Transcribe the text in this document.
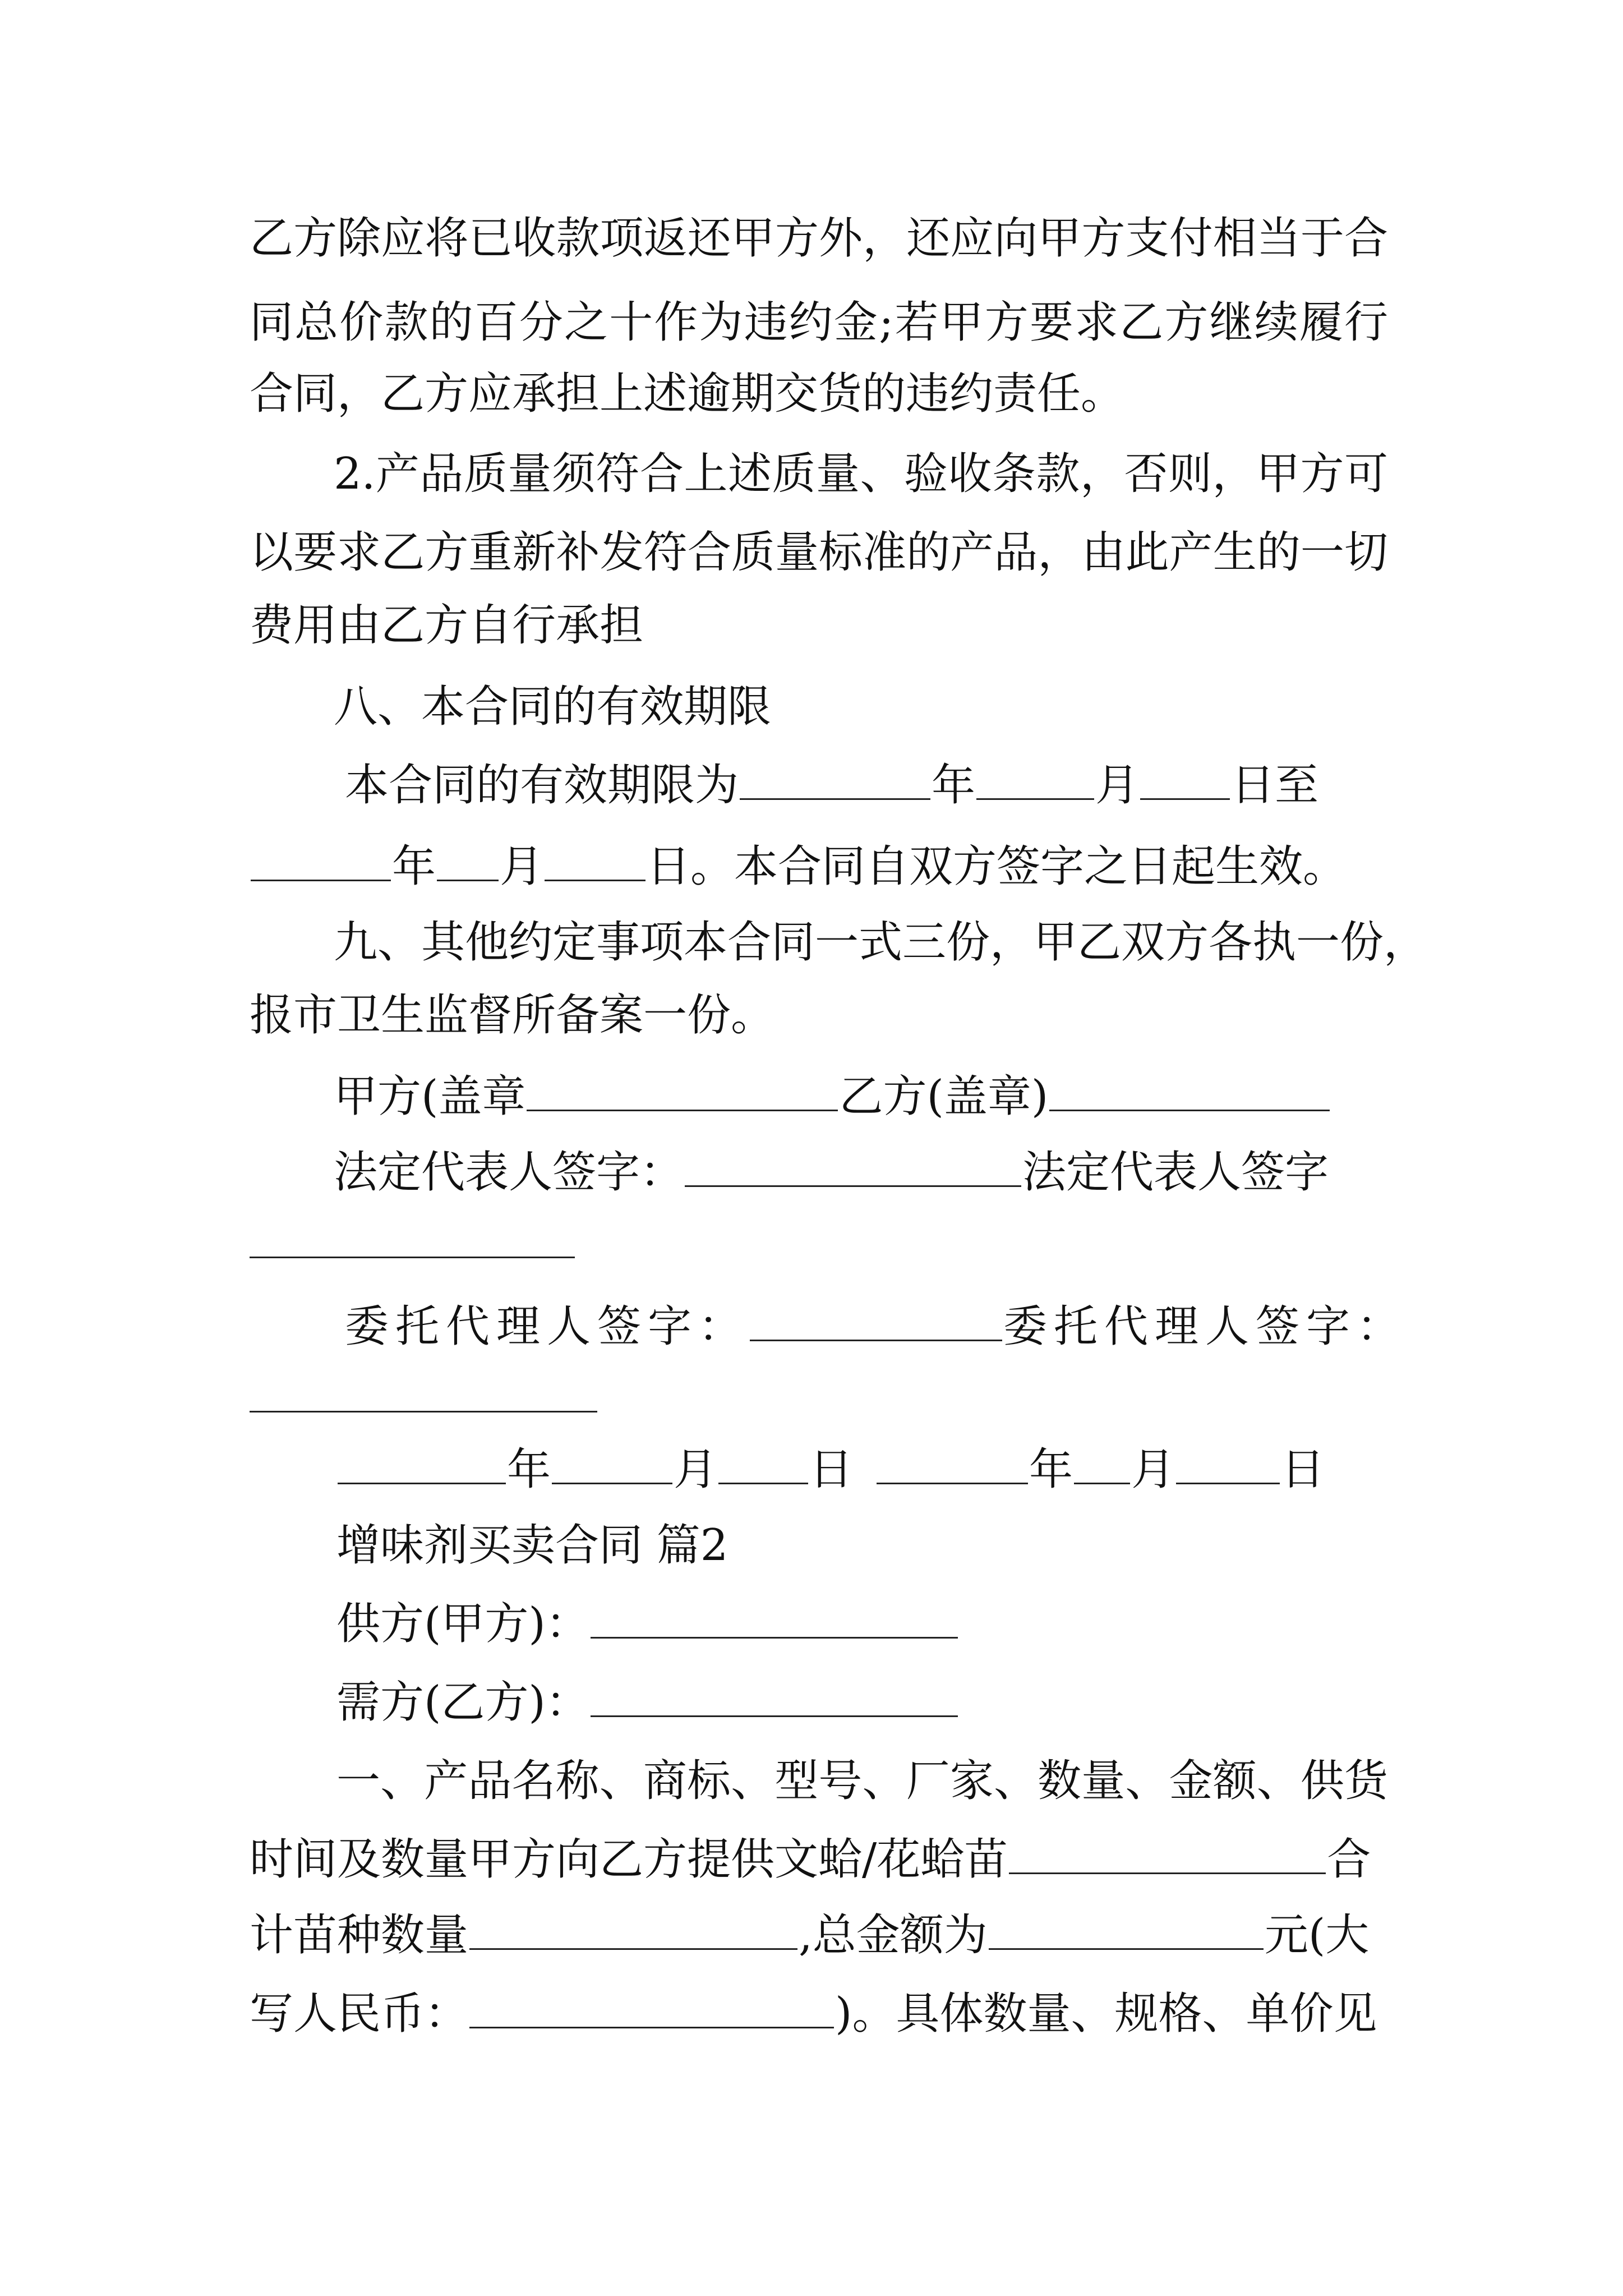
乙方除应将已收款项返还甲方外，还应向甲方支付相当于合
同总价款的百分之十作为违约金;若甲方要求乙方继续履行
合同，乙方应承担上述逾期交货的违约责任。
2.产品质量须符合上述质量、验收条款，否则，甲方可
以要求乙方重新补发符合质量标准的产品，由此产生的一切
费用由乙方自行承担
八、本合同的有效期限
本合同的有效期限为	年	月 日至
年 月 日。本合同自双方签字之日起生效。
九、其他约定事项本合同一式三份，甲乙双方各执一份，
报市卫生监督所备案一份。
甲方(盖章	乙方(盖章)
法定代表人签字：	法定代表人签字
委托代理人签字：	委托代理人签字：
年	月 日	年 月 日
增味剂买卖合同 篇2
供方(甲方)：
需方(乙方)：
一、产品名称、商标、型号、厂家、数量、金额、供货
时间及数量甲方向乙方提供文蛤/花蛤苗	合
计苗种数量	,总金额为	元(大
写人民币：	)。具体数量、规格、单价见
